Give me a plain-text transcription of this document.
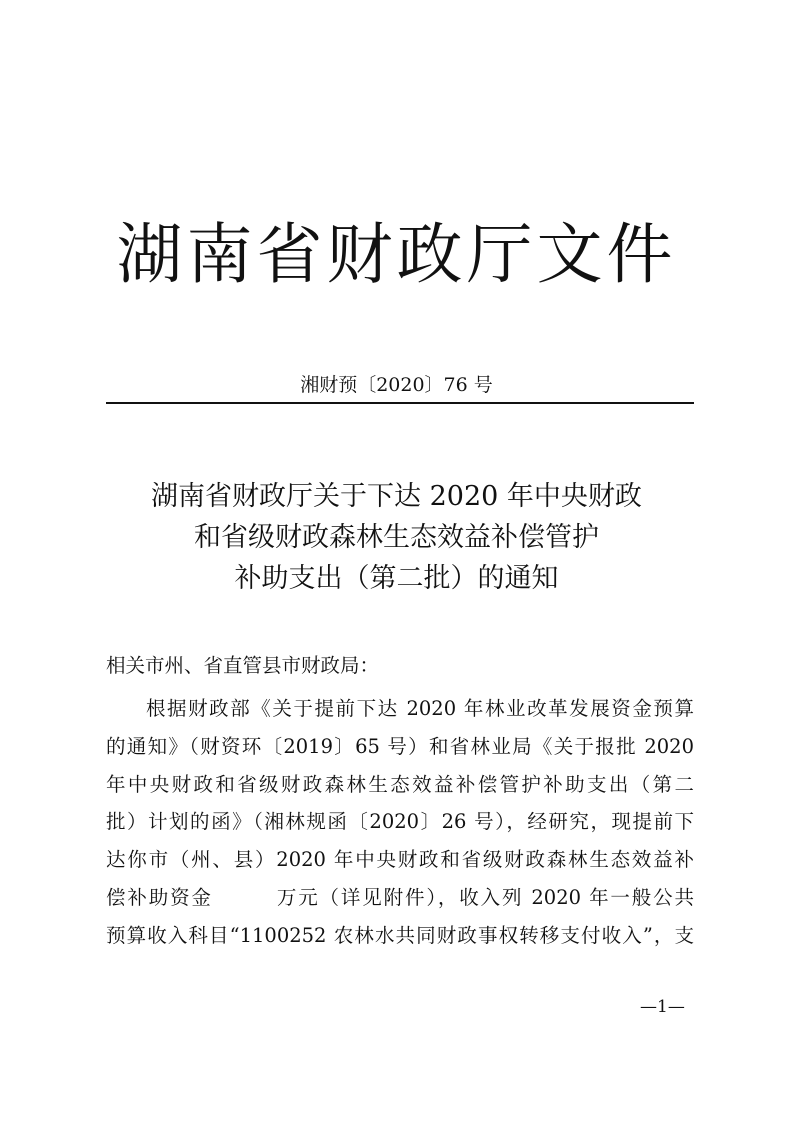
湖南省财政厅文件
湘财预〔2020〕76 号
湖南省财政厅关于下达 2020 年中央财政
和省级财政森林生态效益补偿管护
补助支出（第二批）的通知
相关市州、省直管县市财政局：
根据财政部《关于提前下达 2020 年林业改革发展资金预算
的通知》（财资环〔2019〕65 号）和省林业局《关于报批 2020
年中央财政和省级财政森林生态效益补偿管护补助支出（第二
批）计划的函》（湘林规函〔2020〕26 号），经研究，现提前下
达你市（州、县）2020 年中央财政和省级财政森林生态效益补
偿补助资金　　　万元（详见附件），收入列 2020 年一般公共
预算收入科目“1100252 农林水共同财政事权转移支付收入”，支
—1—
